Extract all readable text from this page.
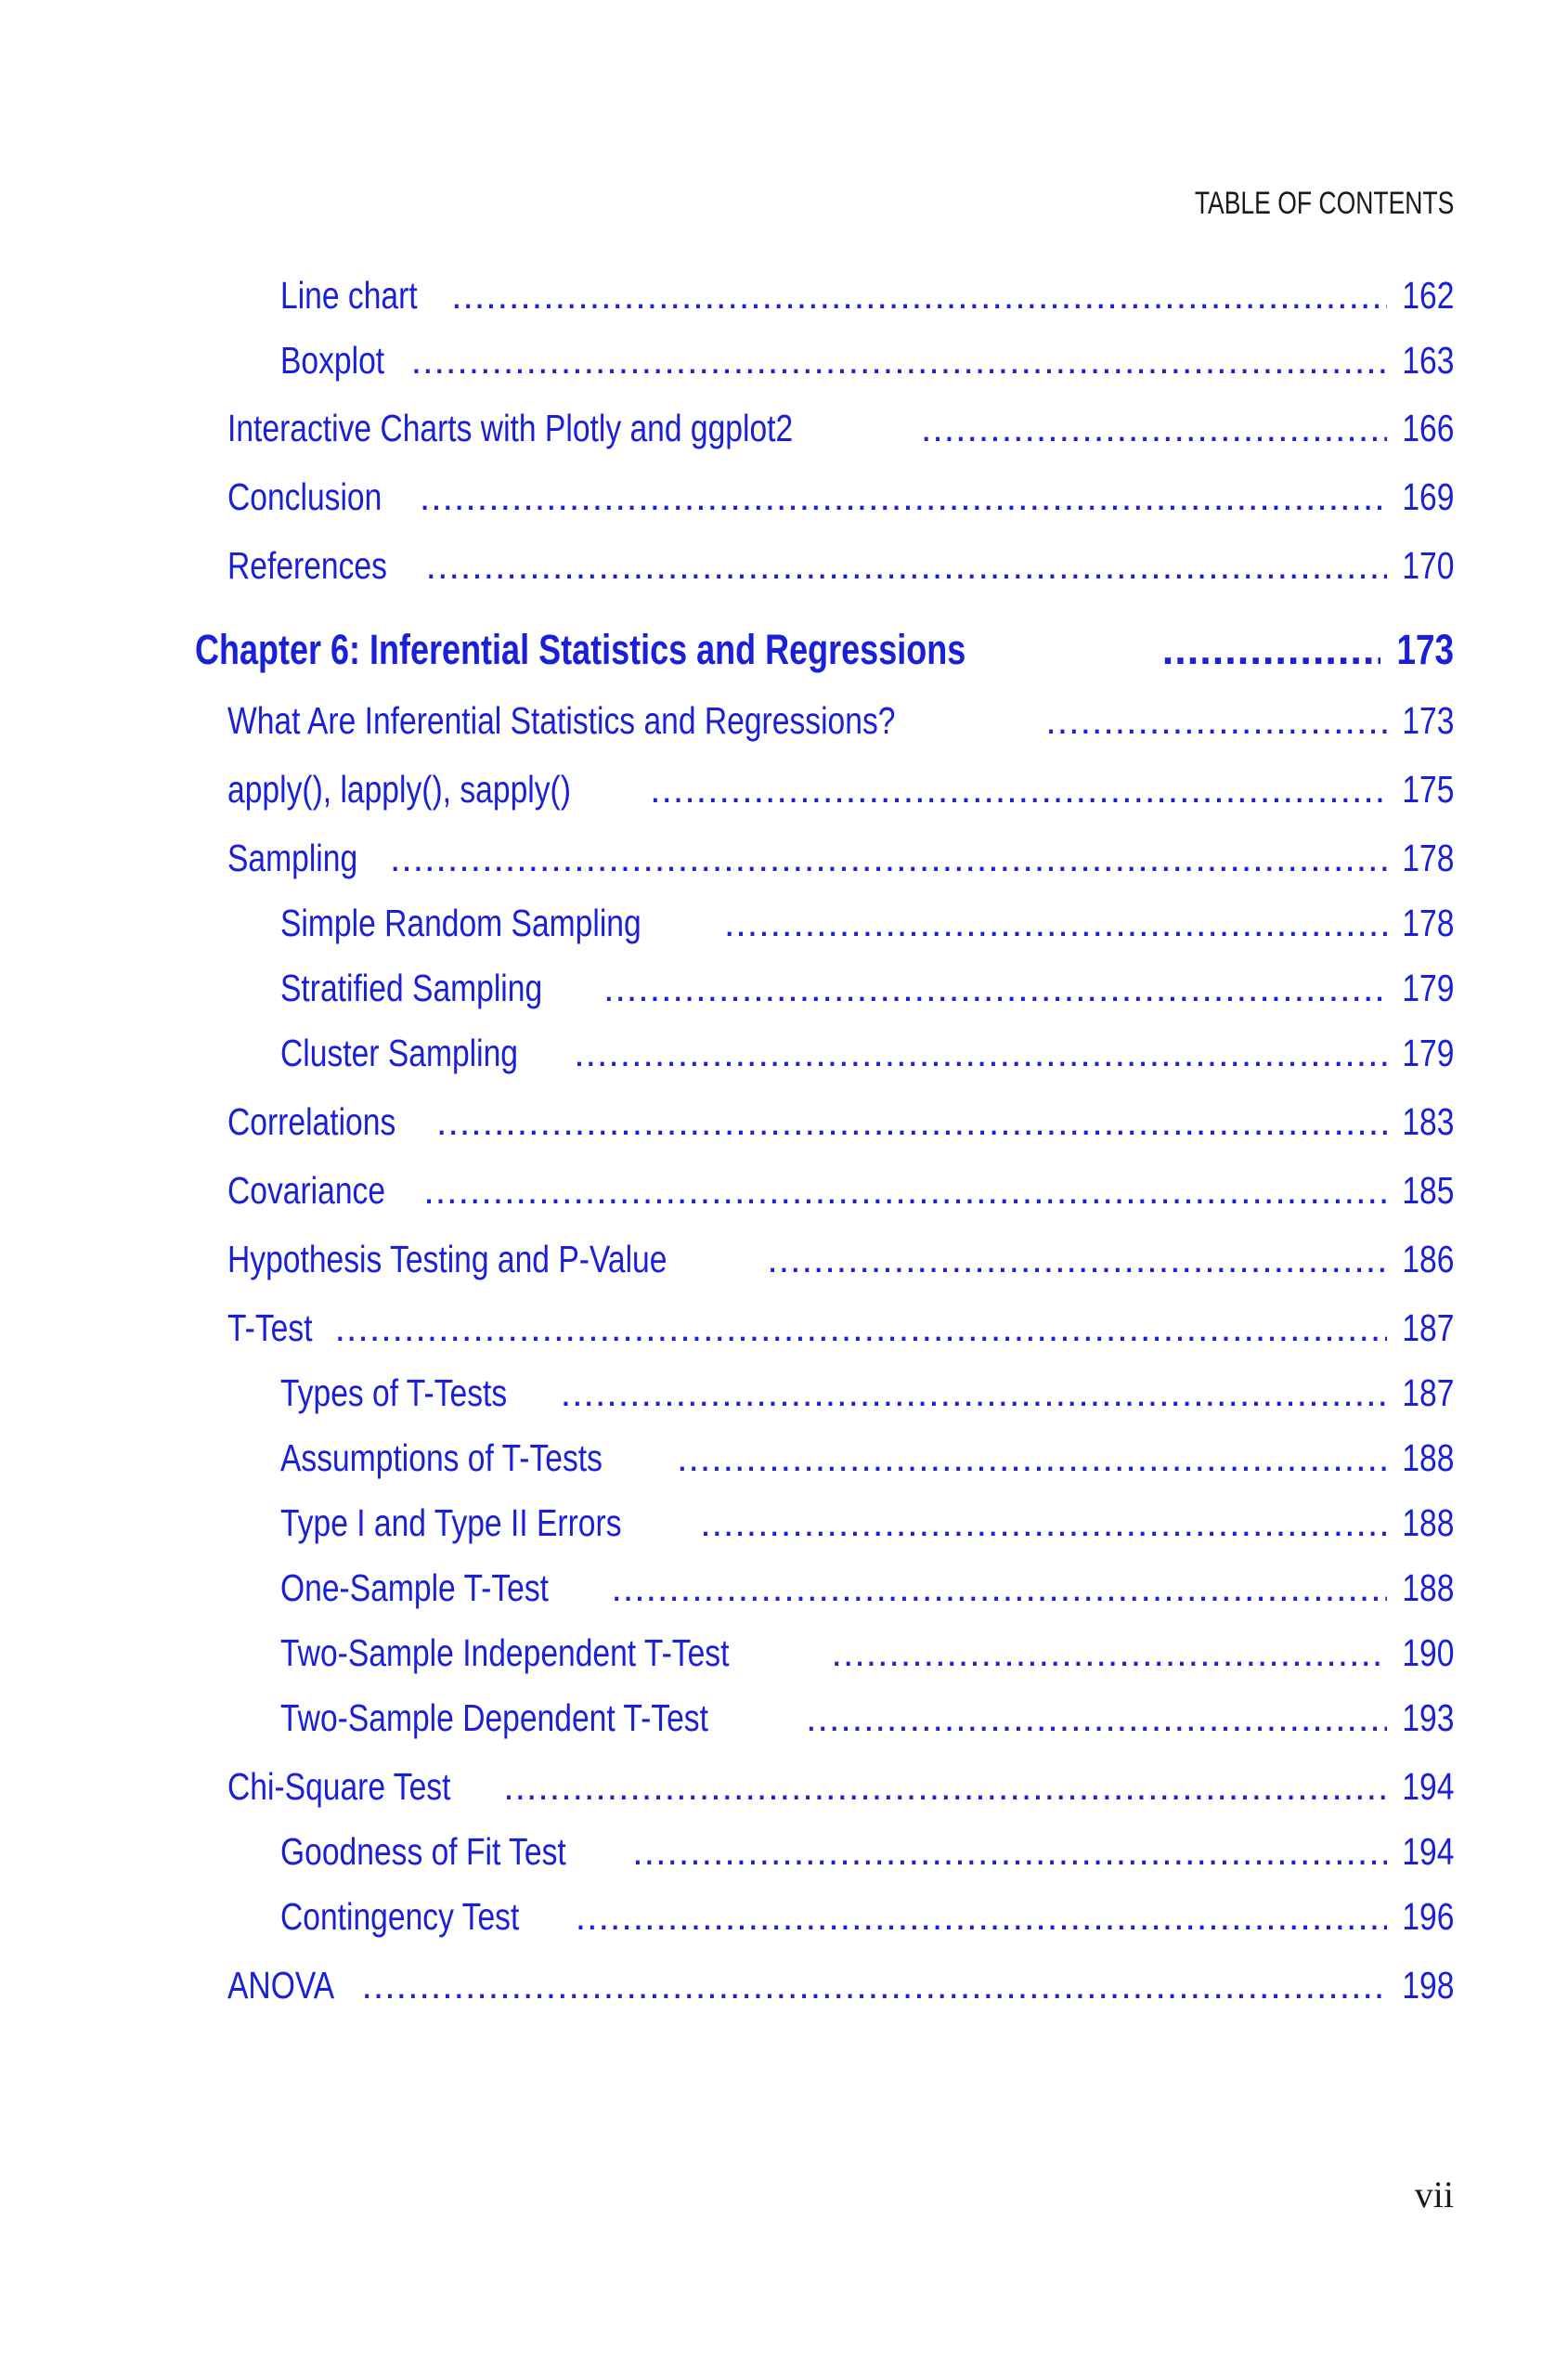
TABLE OF CONTENTS
Line chart .....	162
Boxplot .....	163
Interactive Charts with Plotly and ggplot2 .....	166
Conclusion .....	169
References .....	170
Chapter 6: Inferential Statistics and Regressions .....	173
What Are Inferential Statistics and Regressions? .....	173
apply(), lapply(), sapply() .....	175
Sampling .....	178
Simple Random Sampling .....	178
Stratified Sampling .....	179
Cluster Sampling .....	179
Correlations .....	183
Covariance .....	185
Hypothesis Testing and P-Value .....	186
T-Test .....	187
Types of T-Tests .....	187
Assumptions of T-Tests .....	188
Type I and Type II Errors .....	188
One-Sample T-Test .....	188
Two-Sample Independent T-Test .....	190
Two-Sample Dependent T-Test .....	193
Chi-Square Test .....	194
Goodness of Fit Test .....	194
Contingency Test .....	196
ANOVA .....	198
vii
